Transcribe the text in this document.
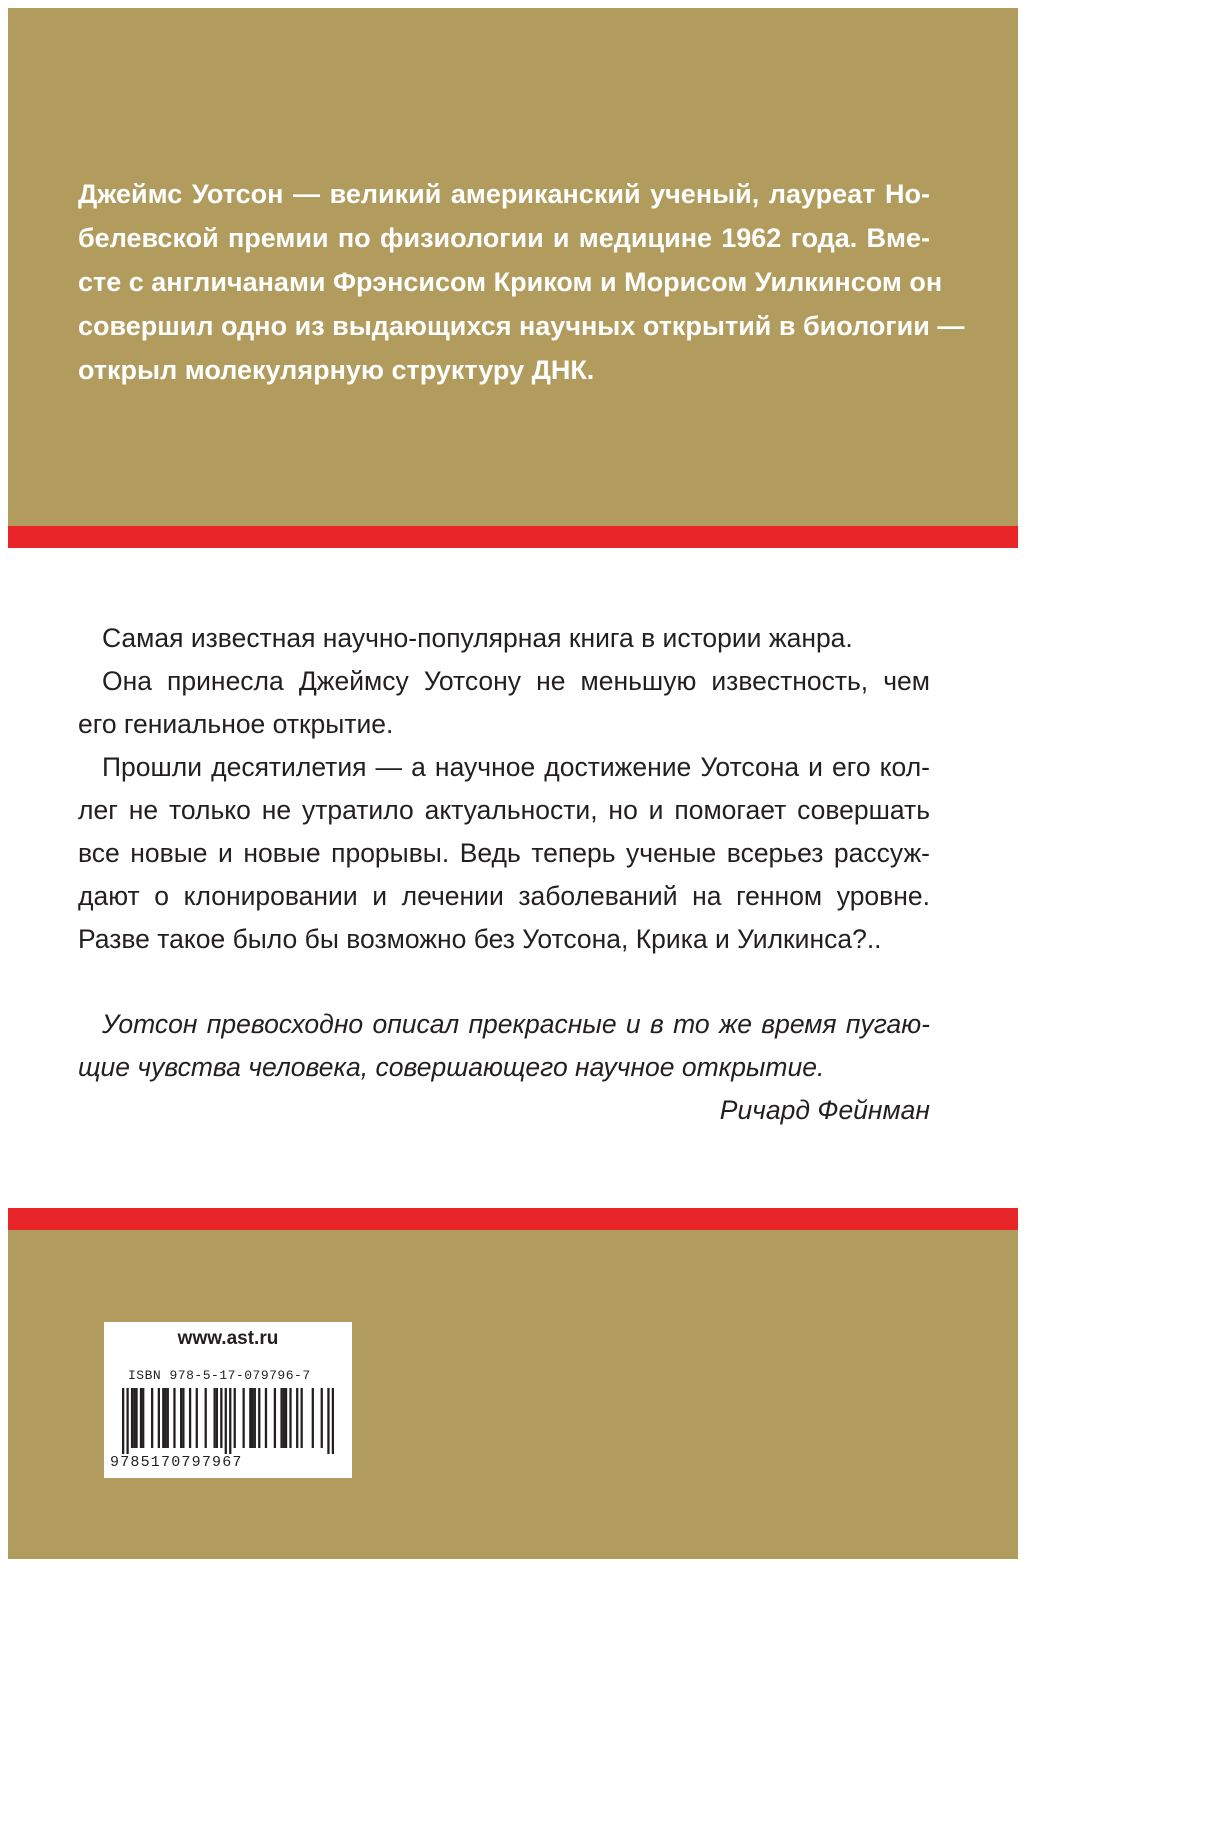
Джеймс Уотсон — великий американский ученый, лауреат Но-
белевской премии по физиологии и медицине 1962 года. Вме-
сте с англичанами Фрэнсисом Криком и Морисом Уилкинсом он
совершил одно из выдающихся научных открытий в биологии —
открыл молекулярную структуру ДНК.
Самая известная научно-популярная книга в истории жанра.
Она принесла Джеймсу Уотсону не меньшую известность, чем
его гениальное открытие.
Прошли десятилетия — а научное достижение Уотсона и его кол-
лег не только не утратило актуальности, но и помогает совершать
все новые и новые прорывы. Ведь теперь ученые всерьез рассуж-
дают о клонировании и лечении заболеваний на генном уровне.
Разве такое было бы возможно без Уотсона, Крика и Уилкинса?..
Уотсон превосходно описал прекрасные и в то же время пугаю-
щие чувства человека, совершающего научное открытие.
Ричард Фейнман
www.ast.ru
ISBN 978-5-17-079796-7
9785170797967
